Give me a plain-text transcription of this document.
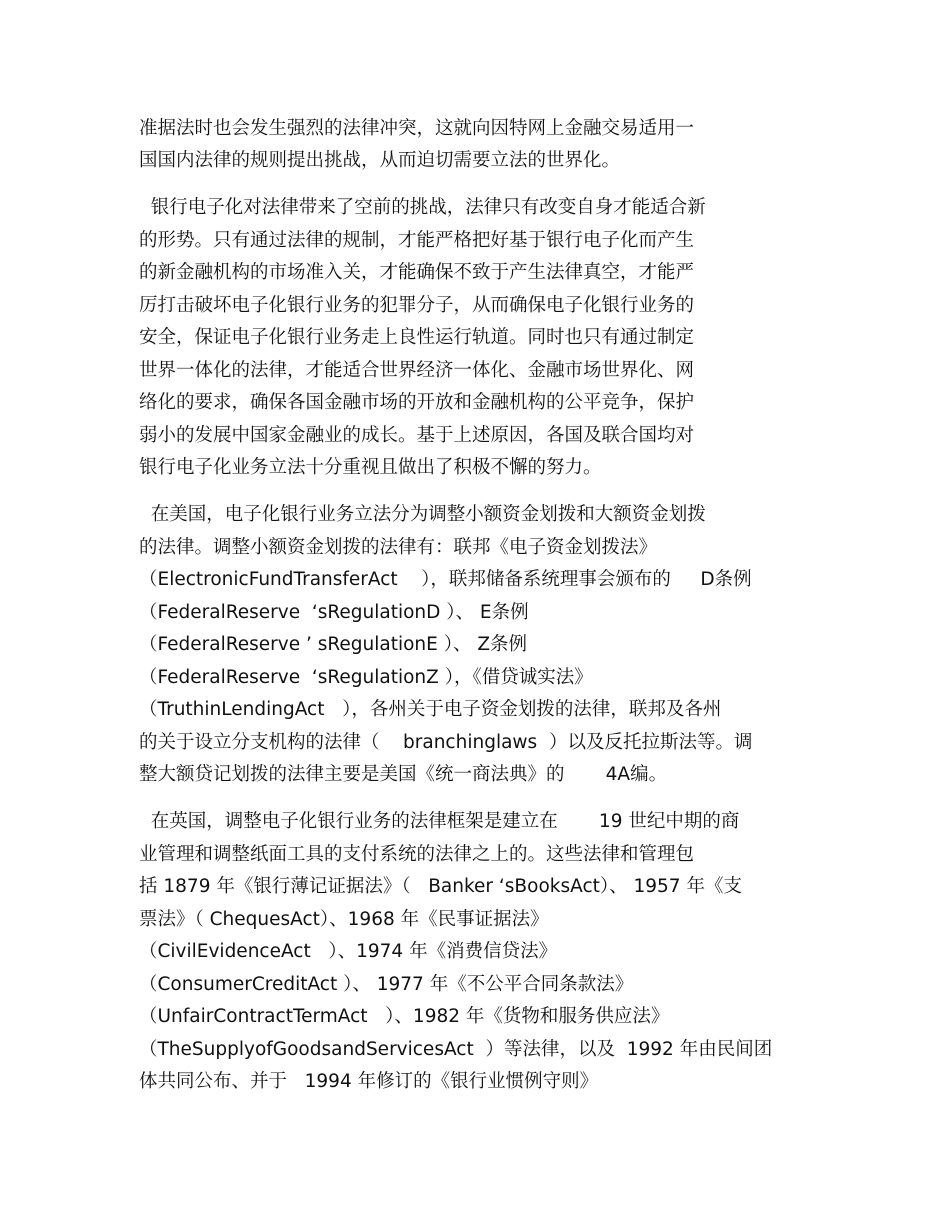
准据法时也会发生强烈的法律冲突，这就向因特网上金融交易适用一
国国内法律的规则提出挑战，从而迫切需要立法的世界化。
银行电子化对法律带来了空前的挑战，法律只有改变自身才能适合新
的形势。只有通过法律的规制，才能严格把好基于银行电子化而产生
的新金融机构的市场准入关，才能确保不致于产生法律真空，才能严
厉打击破坏电子化银行业务的犯罪分子，从而确保电子化银行业务的
安全，保证电子化银行业务走上良性运行轨道。同时也只有通过制定
世界一体化的法律，才能适合世界经济一体化、金融市场世界化、网
络化的要求，确保各国金融市场的开放和金融机构的公平竞争，保护
弱小的发展中国家金融业的成长。基于上述原因，各国及联合国均对
银行电子化业务立法十分重视且做出了积极不懈的努力。
在美国，电子化银行业务立法分为调整小额资金划拨和大额资金划拨
的法律。调整小额资金划拨的法律有：联邦《电子资金划拨法》
（ElectronicFundTransferAct    ），联邦储备系统理事会颁布的     D条例
（FederalReserve  ‘sRegulationD ）、 E条例
（FederalReserve ’ sRegulationE ）、 Z条例
（FederalReserve  ‘sRegulationZ ），《借贷诚实法》
（TruthinLendingAct   ），各州关于电子资金划拨的法律，联邦及各州
的关于设立分支机构的法律（    branchinglaws  ）以及反托拉斯法等。调
整大额贷记划拨的法律主要是美国《统一商法典》的       4A编。
在英国，调整电子化银行业务的法律框架是建立在       19 世纪中期的商
业管理和调整纸面工具的支付系统的法律之上的。这些法律和管理包
括 1879 年《银行薄记证据法》（   Banker ‘sBooksAct）、 1957 年《支
票法》（ ChequesAct）、1968 年《民事证据法》
（CivilEvidenceAct   ）、1974 年《消费信贷法》
（ConsumerCreditAct ）、 1977 年《不公平合同条款法》
（UnfairContractTermAct   ）、1982 年《货物和服务供应法》
（TheSupplyofGoodsandServicesAct  ）等法律，以及  1992 年由民间团
体共同公布、并于   1994 年修订的《银行业惯例守则》
